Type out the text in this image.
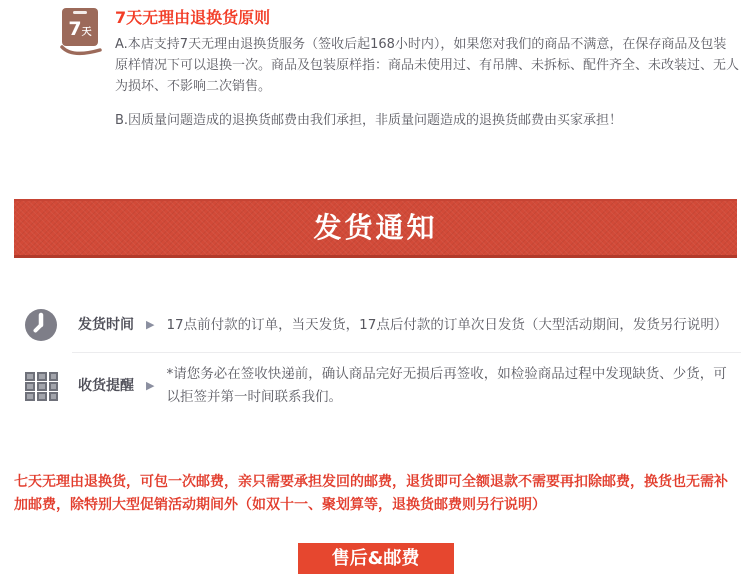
7天
7天无理由退换货原则
A.本店支持7天无理由退换货服务（签收后起168小时内），如果您对我们的商品不满意，在保存商品及包装原样情况下可以退换一次。商品及包装原样指：商品未使用过、有吊牌、未拆标、配件齐全、未改装过、无人为损坏、不影响二次销售。
B.因质量问题造成的退换货邮费由我们承担，非质量问题造成的退换货邮费由买家承担！
发货通知
发货时间	▶ 17点前付款的订单，当天发货，17点后付款的订单次日发货（大型活动期间，发货另行说明）
收货提醒	▶
*请您务必在签收快递前，确认商品完好无损后再签收，如检验商品过程中发现缺货、少货，可以拒签并第一时间联系我们。
七天无理由退换货，可包一次邮费，亲只需要承担发回的邮费，退货即可全额退款不需要再扣除邮费，换货也无需补加邮费，除特别大型促销活动期间外（如双十一、聚划算等，退换货邮费则另行说明）
售后&邮费
